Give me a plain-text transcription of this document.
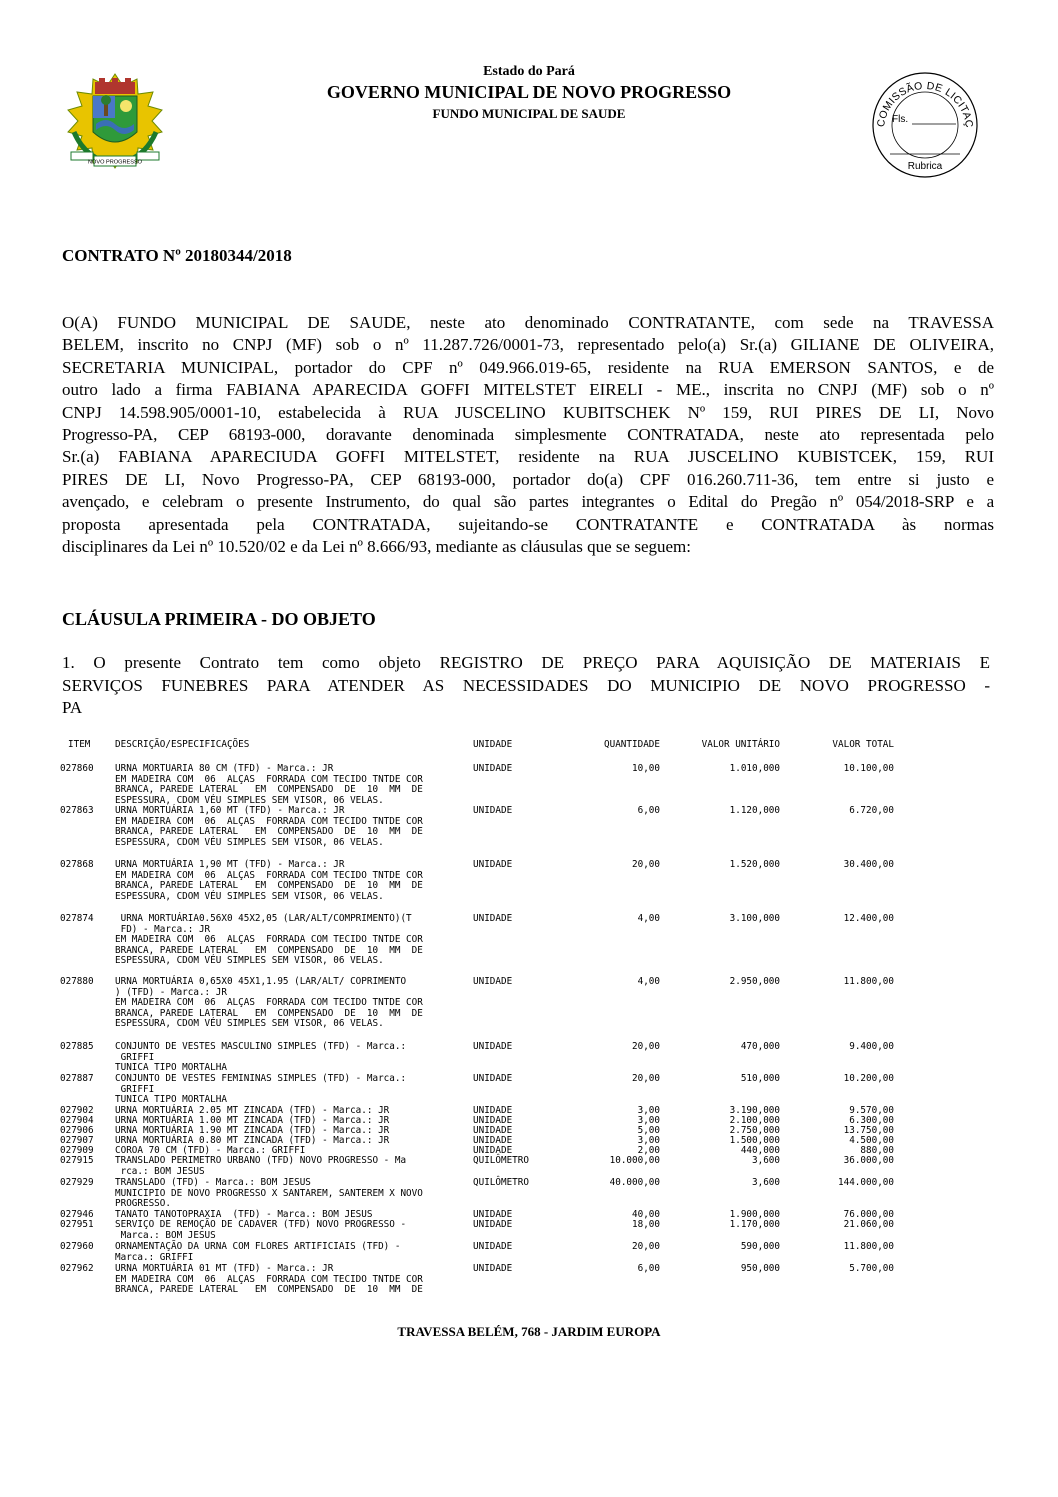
NOVO PROGRESSO
Estado do Pará
GOVERNO MUNICIPAL DE NOVO PROGRESSO
FUNDO MUNICIPAL DE SAUDE
COMISSÃO DE LICITAÇ
Fls.
Rubrica
CONTRATO Nº 20180344/2018
O(A) FUNDO MUNICIPAL DE SAUDE, neste ato denominado CONTRATANTE, com sede na TRAVESSA
BELEM, inscrito no CNPJ (MF) sob o nº 11.287.726/0001-73, representado pelo(a) Sr.(a) GILIANE DE OLIVEIRA,
SECRETARIA MUNICIPAL, portador do CPF nº 049.966.019-65, residente na RUA EMERSON SANTOS, e de
outro lado a firma FABIANA APARECIDA GOFFI MITELSTET EIRELI - ME., inscrita no CNPJ (MF) sob o nº
CNPJ 14.598.905/0001-10, estabelecida à RUA JUSCELINO KUBITSCHEK Nº 159, RUI PIRES DE LI, Novo
Progresso-PA, CEP 68193-000, doravante denominada simplesmente CONTRATADA, neste ato representada pelo
Sr.(a) FABIANA APARECIUDA GOFFI MITELSTET, residente na RUA JUSCELINO KUBISTCEK, 159, RUI
PIRES DE LI, Novo Progresso-PA, CEP 68193-000, portador do(a) CPF 016.260.711-36, tem entre si justo e
avençado, e celebram o presente Instrumento, do qual são partes integrantes o Edital do Pregão nº 054/2018-SRP e a
proposta apresentada pela CONTRATADA, sujeitando-se CONTRATANTE e CONTRATADA às normas
disciplinares da Lei nº 10.520/02 e da Lei nº 8.666/93, mediante as cláusulas que se seguem:
CLÁUSULA PRIMEIRA - DO OBJETO
1. O presente Contrato tem como objeto REGISTRO DE PREÇO PARA AQUISIÇÃO DE MATERIAIS E
SERVIÇOS FUNEBRES PARA ATENDER AS NECESSIDADES DO MUNICIPIO DE NOVO PROGRESSO -
PA
ITEM	DESCRIÇÃO/ESPECIFICAÇÕES	UNIDADE	QUANTIDADE	VALOR UNITÁRIO	VALOR TOTAL
027860 URNA MORTUARIA 80 CM (TFD) - Marca.: JR
EM MADEIRA COM  06  ALÇAS  FORRADA COM TECIDO TNTDE COR
BRANCA, PAREDE LATERAL   EM  COMPENSADO  DE  10  MM  DE
ESPESSURA, CDOM VÉU SIMPLES SEM VISOR, 06 VELAS.
UNIDADE	10,00	1.010,000	10.100,00
027863 URNA MORTUÁRIA 1,60 MT (TFD) - Marca.: JR
EM MADEIRA COM  06  ALÇAS  FORRADA COM TECIDO TNTDE COR
BRANCA, PAREDE LATERAL   EM  COMPENSADO  DE  10  MM  DE
ESPESSURA, CDOM VÉU SIMPLES SEM VISOR, 06 VELAS.
UNIDADE	6,00	1.120,000	6.720,00
027868 URNA MORTUÁRIA 1,90 MT (TFD) - Marca.: JR
EM MADEIRA COM  06  ALÇAS  FORRADA COM TECIDO TNTDE COR
BRANCA, PAREDE LATERAL   EM  COMPENSADO  DE  10  MM  DE
ESPESSURA, CDOM VÉU SIMPLES SEM VISOR, 06 VELAS.
UNIDADE	20,00	1.520,000	30.400,00
027874	URNA MORTUÁRIA0.56X0 45X2,05 (LAR/ALT/COMPRIMENTO)(T
FD) - Marca.: JR
EM MADEIRA COM  06  ALÇAS  FORRADA COM TECIDO TNTDE COR
BRANCA, PAREDE LATERAL   EM  COMPENSADO  DE  10  MM  DE
ESPESSURA, CDOM VÉU SIMPLES SEM VISOR, 06 VELAS.
UNIDADE	4,00	3.100,000	12.400,00
027880 URNA MORTUÁRIA 0,65X0 45X1,1.95 (LAR/ALT/ COPRIMENTO
) (TFD) - Marca.: JR
EM MADEIRA COM  06  ALÇAS  FORRADA COM TECIDO TNTDE COR
BRANCA, PAREDE LATERAL   EM  COMPENSADO  DE  10  MM  DE
ESPESSURA, CDOM VÉU SIMPLES SEM VISOR, 06 VELAS.
UNIDADE	4,00	2.950,000	11.800,00
027885 CONJUNTO DE VESTES MASCULINO SIMPLES (TFD) - Marca.:
GRIFFI
TUNICA TIPO MORTALHA
UNIDADE	20,00	470,000	9.400,00
027887 CONJUNTO DE VESTES FEMININAS SIMPLES (TFD) - Marca.:
GRIFFI
TUNICA TIPO MORTALHA
UNIDADE	20,00	510,000	10.200,00
027902 URNA MORTUÁRIA 2.05 MT ZINCADA (TFD) - Marca.: JR	UNIDADE	3,00	3.190,000	9.570,00
027904 URNA MORTUÁRIA 1.00 MT ZINCADA (TFD) - Marca.: JR	UNIDADE	3,00	2.100,000	6.300,00
027906 URNA MORTUÁRIA 1.90 MT ZINCADA (TFD) - Marca.: JR	UNIDADE	5,00	2.750,000	13.750,00
027907 URNA MORTUÁRIA 0.80 MT ZINCADA (TFD) - Marca.: JR	UNIDADE	3,00	1.500,000	4.500,00
027909 COROA 70 CM (TFD) - Marca.: GRIFFI	UNIDADE	2,00	440,000	880,00
027915 TRANSLADO PERIMETRO URBANO (TFD) NOVO PROGRESSO - Ma
rca.: BOM JESUS
QUILÔMETRO	10.000,00	3,600	36.000,00
027929 TRANSLADO (TFD) - Marca.: BOM JESUS
MUNICIPIO DE NOVO PROGRESSO X SANTAREM, SANTEREM X NOVO
PROGRESSO.
QUILÔMETRO	40.000,00	3,600	144.000,00
027946 TANATO TANOTOPRAXIA  (TFD) - Marca.: BOM JESUS	UNIDADE	40,00	1.900,000	76.000,00
027951 SERVIÇO DE REMOÇÃO DE CADAVER (TFD) NOVO PROGRESSO -
Marca.: BOM JESUS
UNIDADE	18,00	1.170,000	21.060,00
027960 ORNAMENTAÇÃO DA URNA COM FLORES ARTIFICIAIS (TFD) -
Marca.: GRIFFI
UNIDADE	20,00	590,000	11.800,00
027962 URNA MORTUÁRIA 01 MT (TFD) - Marca.: JR
EM MADEIRA COM  06  ALÇAS  FORRADA COM TECIDO TNTDE COR
BRANCA, PAREDE LATERAL   EM  COMPENSADO  DE  10  MM  DE
UNIDADE	6,00	950,000	5.700,00
TRAVESSA BELÉM, 768 - JARDIM EUROPA
